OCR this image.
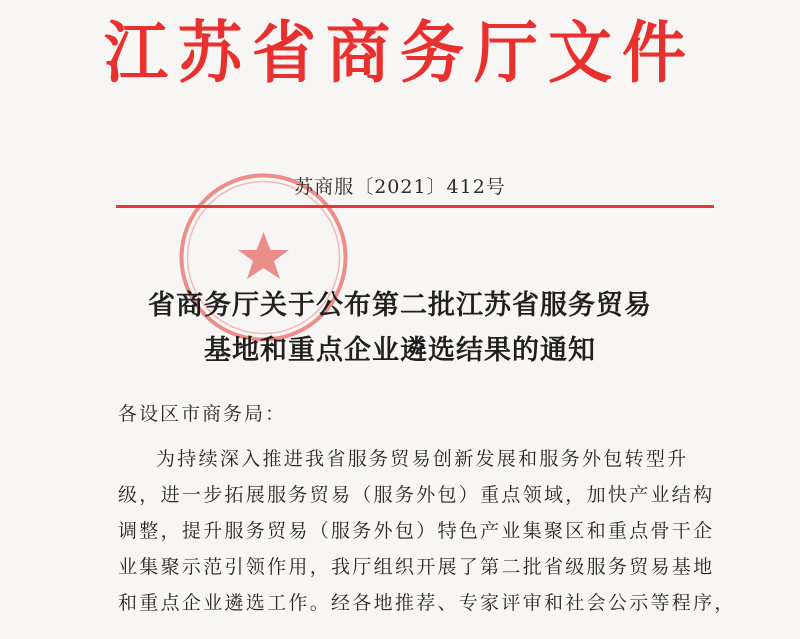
江苏省商务厅文件
苏商服〔2021〕412号
省商务厅关于公布第二批江苏省服务贸易
基地和重点企业遴选结果的通知
各设区市商务局：
为持续深入推进我省服务贸易创新发展和服务外包转型升
级，进一步拓展服务贸易（服务外包）重点领域，加快产业结构
调整，提升服务贸易（服务外包）特色产业集聚区和重点骨干企
业集聚示范引领作用，我厅组织开展了第二批省级服务贸易基地
和重点企业遴选工作。经各地推荐、专家评审和社会公示等程序，
